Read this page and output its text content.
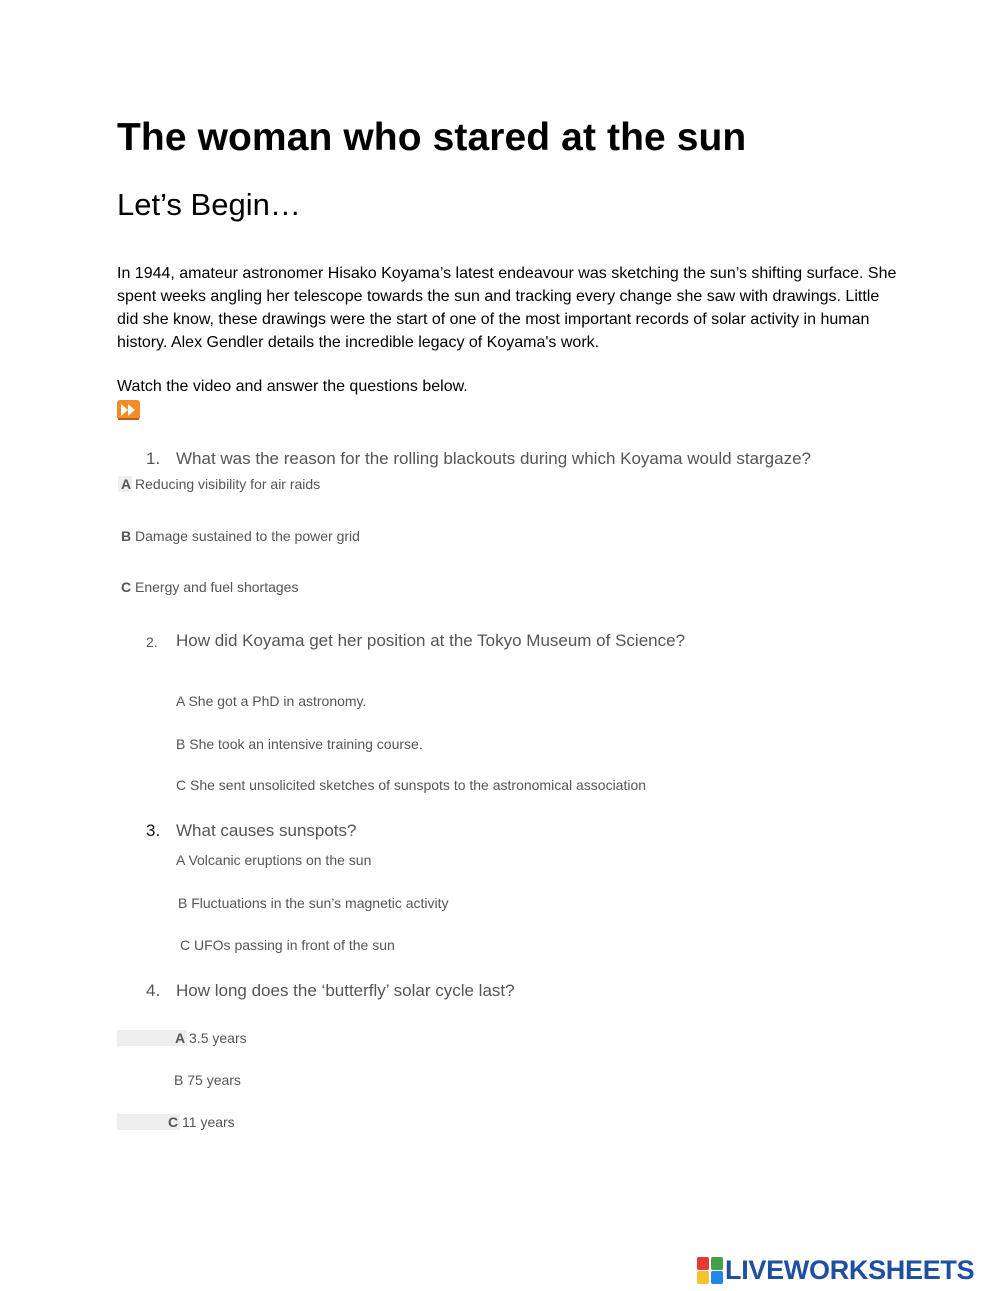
The woman who stared at the sun
Let’s Begin…

In 1944, amateur astronomer Hisako Koyama’s latest endeavour was sketching the sun’s shifting surface. She spent weeks angling her telescope towards the sun and tracking every change she saw with drawings. Little did she know, these drawings were the start of one of the most important records of solar activity in human history. Alex Gendler details the incredible legacy of Koyama's work.

Watch the video and answer the questions below.

1. What was the reason for the rolling blackouts during which Koyama would stargaze?
A Reducing visibility for air raids
B Damage sustained to the power grid
C Energy and fuel shortages
2. How did Koyama get her position at the Tokyo Museum of Science?
A She got a PhD in astronomy.
B She took an intensive training course.
C She sent unsolicited sketches of sunspots to the astronomical association
3. What causes sunspots?
A Volcanic eruptions on the sun
B Fluctuations in the sun’s magnetic activity
C UFOs passing in front of the sun
4. How long does the ‘butterfly’ solar cycle last?
A 3.5 years
B 75 years
C 11 years
LIVEWORKSHEETS
